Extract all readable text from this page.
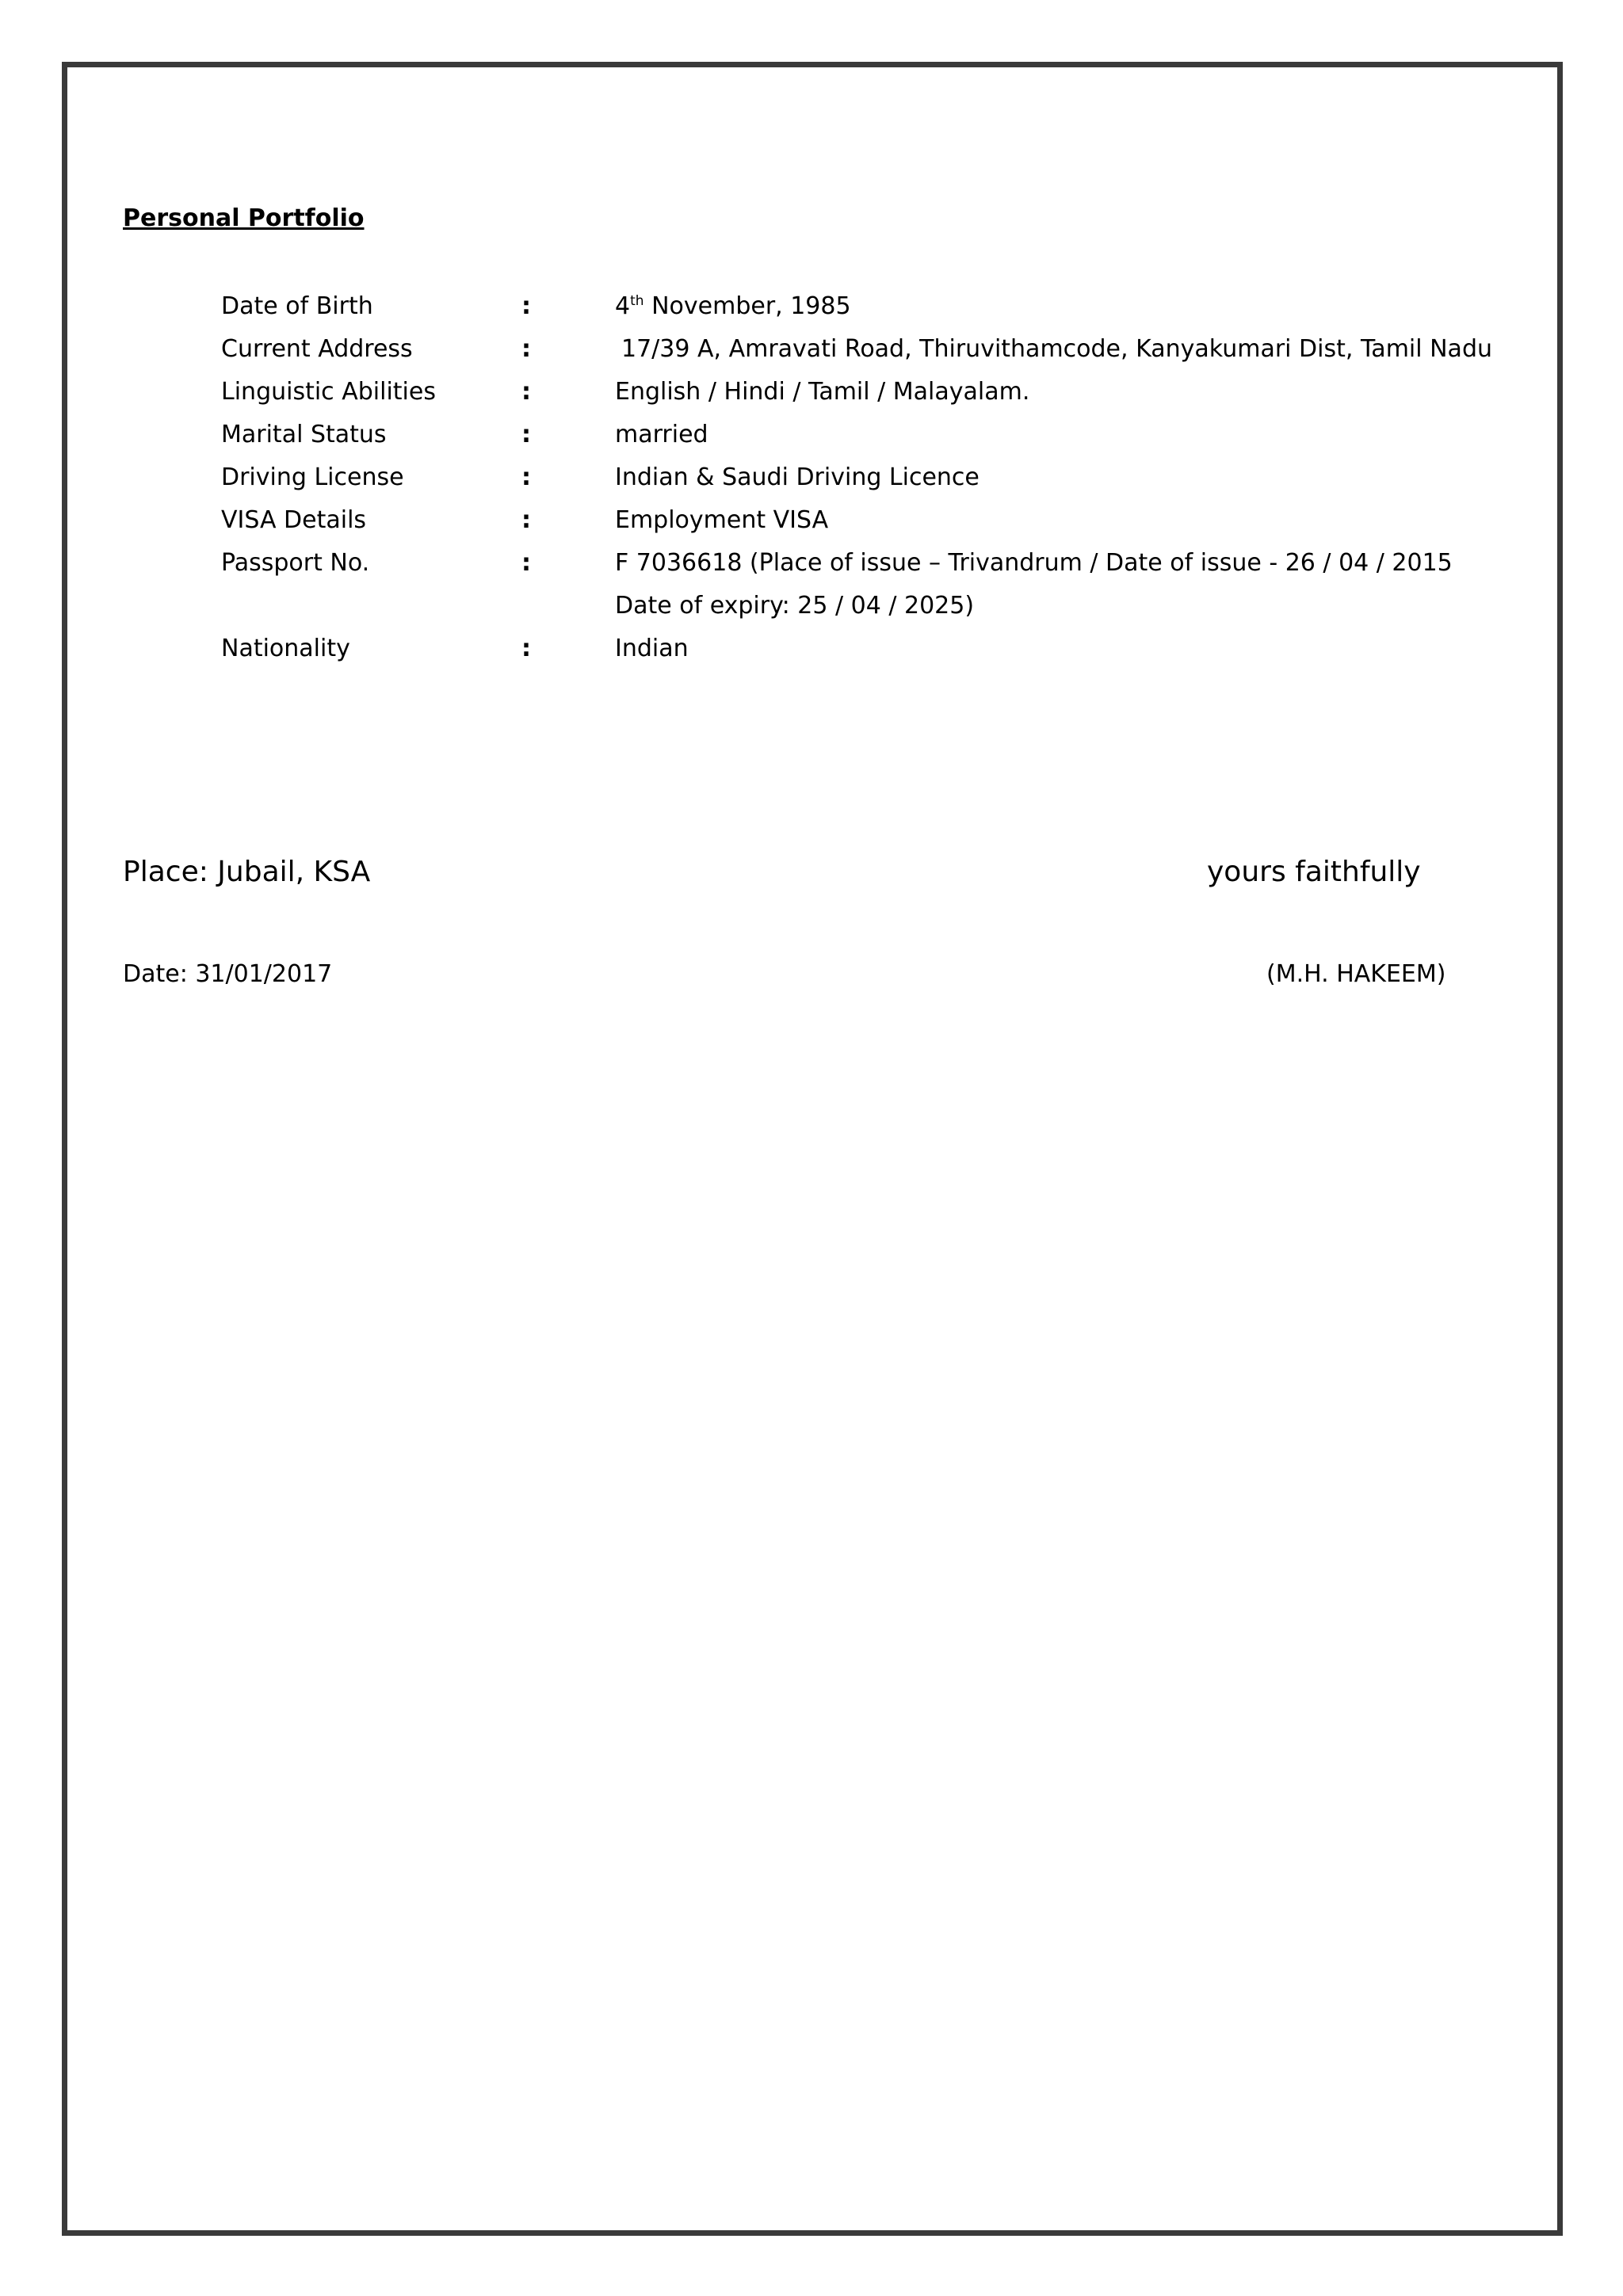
Personal Portfolio
Date of Birth	:	4th November, 1985
Current Address	:	17/39 A, Amravati Road, Thiruvithamcode, Kanyakumari Dist, Tamil Nadu
Linguistic Abilities	:	English / Hindi / Tamil / Malayalam.
Marital Status	:	married
Driving License	:	Indian & Saudi Driving Licence
VISA Details	:	Employment VISA
Passport No.	:	F 7036618 (Place of issue – Trivandrum / Date of issue - 26 / 04 / 2015
Date of expiry: 25 / 04 / 2025)
Nationality	:	Indian
Place: Jubail, KSA	yours faithfully
Date: 31/01/2017	(M.H. HAKEEM)
